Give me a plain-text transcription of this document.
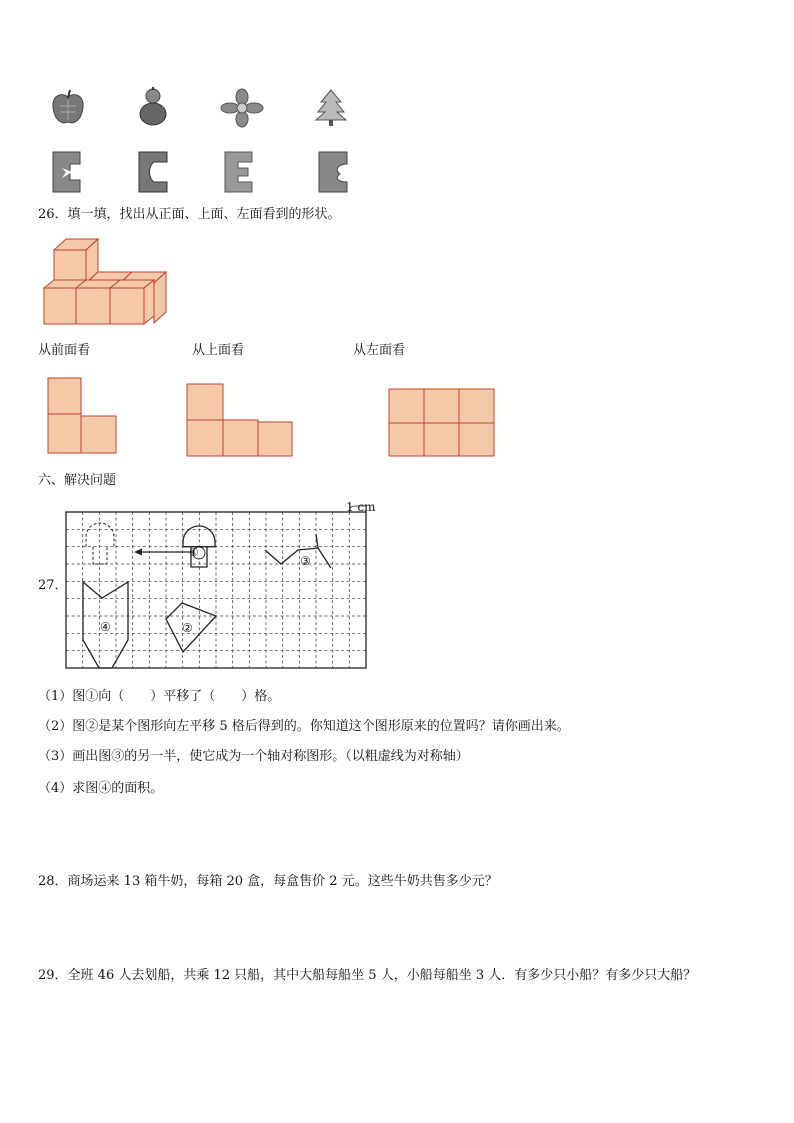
26．填一填，找出从正面、上面、左面看到的形状。
从前面看	从上面看	从左面看
六、解决问题
27．
1 cm
①
②
③
④
（1）图①向（　　）平移了（　　）格。
（2）图②是某个图形向左平移 5 格后得到的。你知道这个图形原来的位置吗？请你画出来。
（3）画出图③的另一半，使它成为一个轴对称图形。（以粗虚线为对称轴）
（4）求图④的面积。
28．商场运来 13 箱牛奶，每箱 20 盒，每盒售价 2 元。这些牛奶共售多少元？
29．全班 46 人去划船，共乘 12 只船，其中大船每船坐 5 人，小船每船坐 3 人．有多少只小船？有多少只大船？
